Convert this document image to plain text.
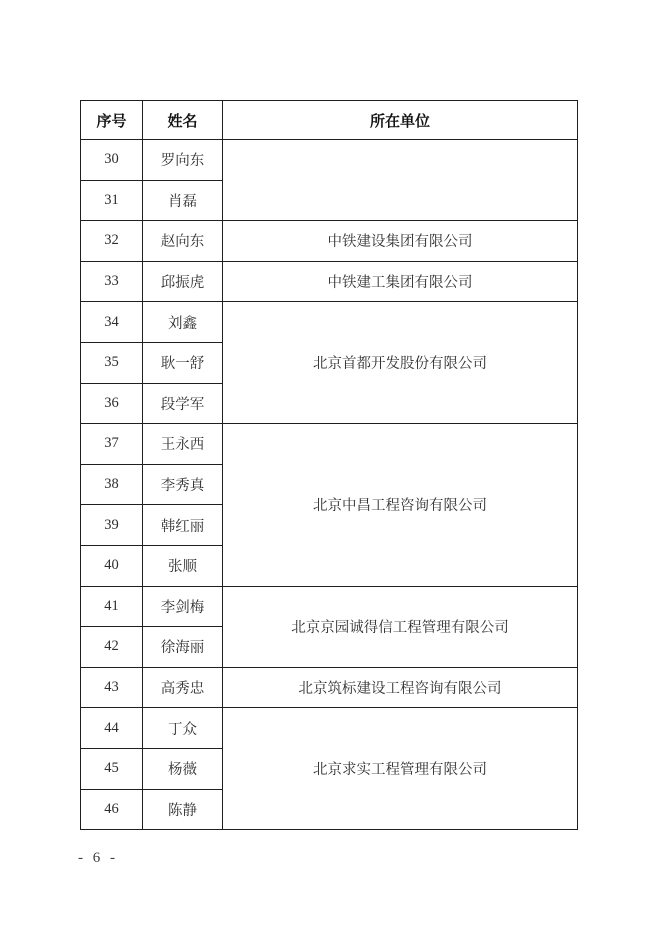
序号	姓名	所在单位
30	罗向东	
31	肖磊	
32	赵向东	中铁建设集团有限公司
33	邱振虎	中铁建工集团有限公司
34	刘鑫	北京首都开发股份有限公司
35	耿一舒	
36	段学军	
37	王永西	北京中昌工程咨询有限公司
38	李秀真	
39	韩红丽	
40	张顺	
41	李剑梅	北京京园诚得信工程管理有限公司
42	徐海丽	
43	高秀忠	北京筑标建设工程咨询有限公司
44	丁众	北京求实工程管理有限公司
45	杨薇	
46	陈静	
- 6 -
